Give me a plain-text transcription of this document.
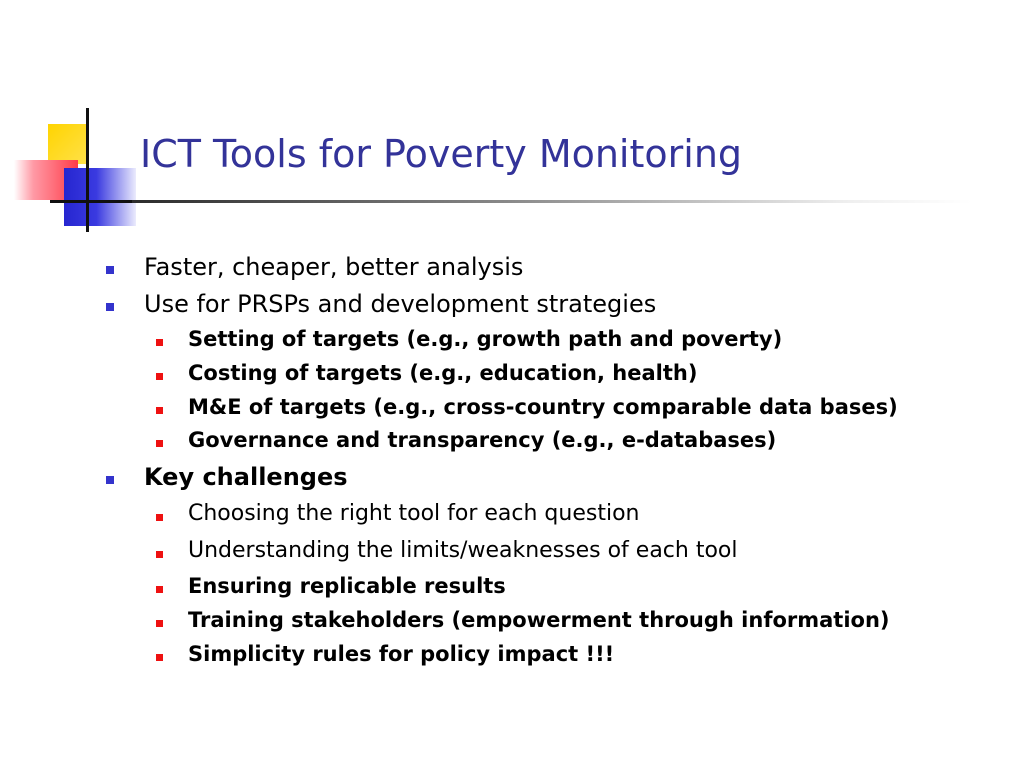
ICT Tools for Poverty Monitoring
Faster, cheaper, better analysis
Use for PRSPs and development strategies
Setting of targets (e.g., growth path and poverty)
Costing of targets (e.g., education, health)
M&E of targets (e.g., cross-country comparable data bases)
Governance and transparency (e.g., e-databases)
Key challenges
Choosing the right tool for each question
Understanding the limits/weaknesses of each tool
Ensuring replicable results
Training stakeholders (empowerment through information)
Simplicity rules for policy impact !!!
